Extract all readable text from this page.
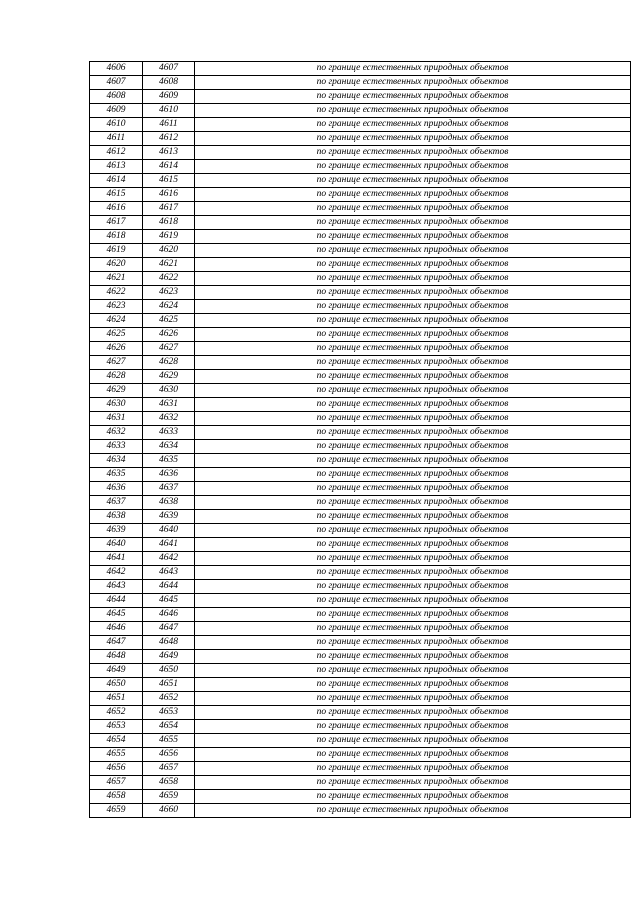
4606	4607	по границе естественных природных объектов
4607	4608	по границе естественных природных объектов
4608	4609	по границе естественных природных объектов
4609	4610	по границе естественных природных объектов
4610	4611	по границе естественных природных объектов
4611	4612	по границе естественных природных объектов
4612	4613	по границе естественных природных объектов
4613	4614	по границе естественных природных объектов
4614	4615	по границе естественных природных объектов
4615	4616	по границе естественных природных объектов
4616	4617	по границе естественных природных объектов
4617	4618	по границе естественных природных объектов
4618	4619	по границе естественных природных объектов
4619	4620	по границе естественных природных объектов
4620	4621	по границе естественных природных объектов
4621	4622	по границе естественных природных объектов
4622	4623	по границе естественных природных объектов
4623	4624	по границе естественных природных объектов
4624	4625	по границе естественных природных объектов
4625	4626	по границе естественных природных объектов
4626	4627	по границе естественных природных объектов
4627	4628	по границе естественных природных объектов
4628	4629	по границе естественных природных объектов
4629	4630	по границе естественных природных объектов
4630	4631	по границе естественных природных объектов
4631	4632	по границе естественных природных объектов
4632	4633	по границе естественных природных объектов
4633	4634	по границе естественных природных объектов
4634	4635	по границе естественных природных объектов
4635	4636	по границе естественных природных объектов
4636	4637	по границе естественных природных объектов
4637	4638	по границе естественных природных объектов
4638	4639	по границе естественных природных объектов
4639	4640	по границе естественных природных объектов
4640	4641	по границе естественных природных объектов
4641	4642	по границе естественных природных объектов
4642	4643	по границе естественных природных объектов
4643	4644	по границе естественных природных объектов
4644	4645	по границе естественных природных объектов
4645	4646	по границе естественных природных объектов
4646	4647	по границе естественных природных объектов
4647	4648	по границе естественных природных объектов
4648	4649	по границе естественных природных объектов
4649	4650	по границе естественных природных объектов
4650	4651	по границе естественных природных объектов
4651	4652	по границе естественных природных объектов
4652	4653	по границе естественных природных объектов
4653	4654	по границе естественных природных объектов
4654	4655	по границе естественных природных объектов
4655	4656	по границе естественных природных объектов
4656	4657	по границе естественных природных объектов
4657	4658	по границе естественных природных объектов
4658	4659	по границе естественных природных объектов
4659	4660	по границе естественных природных объектов
